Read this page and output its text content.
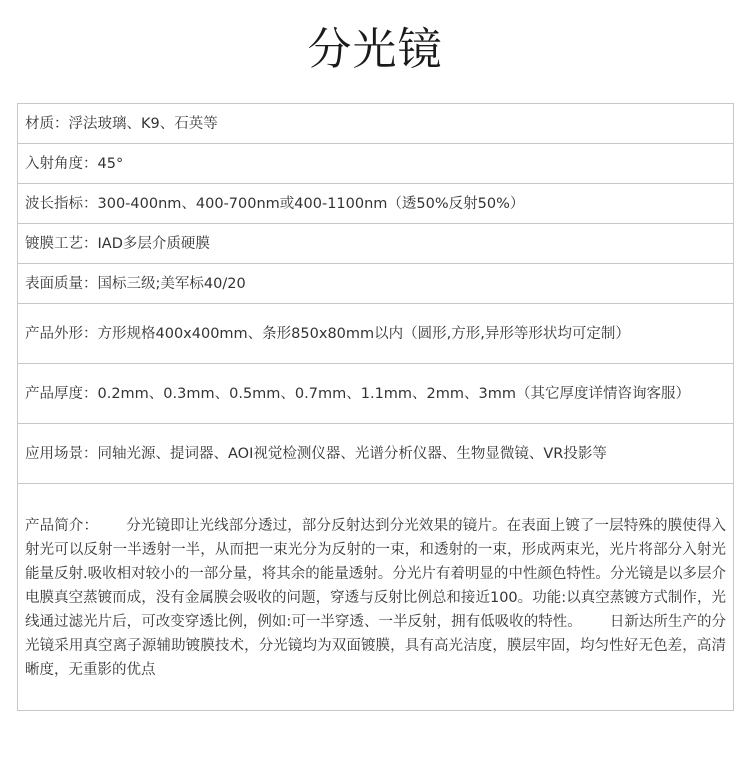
分光镜
材质： 浮法玻璃、K9、石英等
入射角度： 45°
波长指标： 300-400nm、400-700nm或400-1100nm（透50%反射50%）
镀膜工艺： IAD多层介质硬膜
表面质量： 国标三级;美军标40/20
产品外形： 方形规格400x400mm、条形850x80mm以内（圆形,方形,异形等形状均可定制）
产品厚度： 0.2mm、0.3mm、0.5mm、0.7mm、1.1mm、2mm、3mm（其它厚度详情咨询客服）
应用场景： 同轴光源、提词器、AOI视觉检测仪器、光谱分析仪器、生物显微镜、VR投影等
产品简介： 分光镜即让光线部分透过，部分反射达到分光效果的镜片。在表面上镀了一层特殊的膜使得入射光可以反射一半透射一半，从而把一束光分为反射的一束，和透射的一束，形成两束光，光片将部分入射光能量反射.吸收相对较小的一部分量，将其余的能量透射。分光片有着明显的中性颜色特性。分光镜是以多层介电膜真空蒸镀而成，没有金属膜会吸收的问题，穿透与反射比例总和接近100。功能:以真空蒸镀方式制作，光线通过滤光片后，可改变穿透比例，例如:可一半穿透、一半反射，拥有低吸收的特性。 日新达所生产的分光镜采用真空离子源辅助镀膜技术，分光镜均为双面镀膜，具有高光洁度，膜层牢固，均匀性好无色差，高清晰度，无重影的优点
